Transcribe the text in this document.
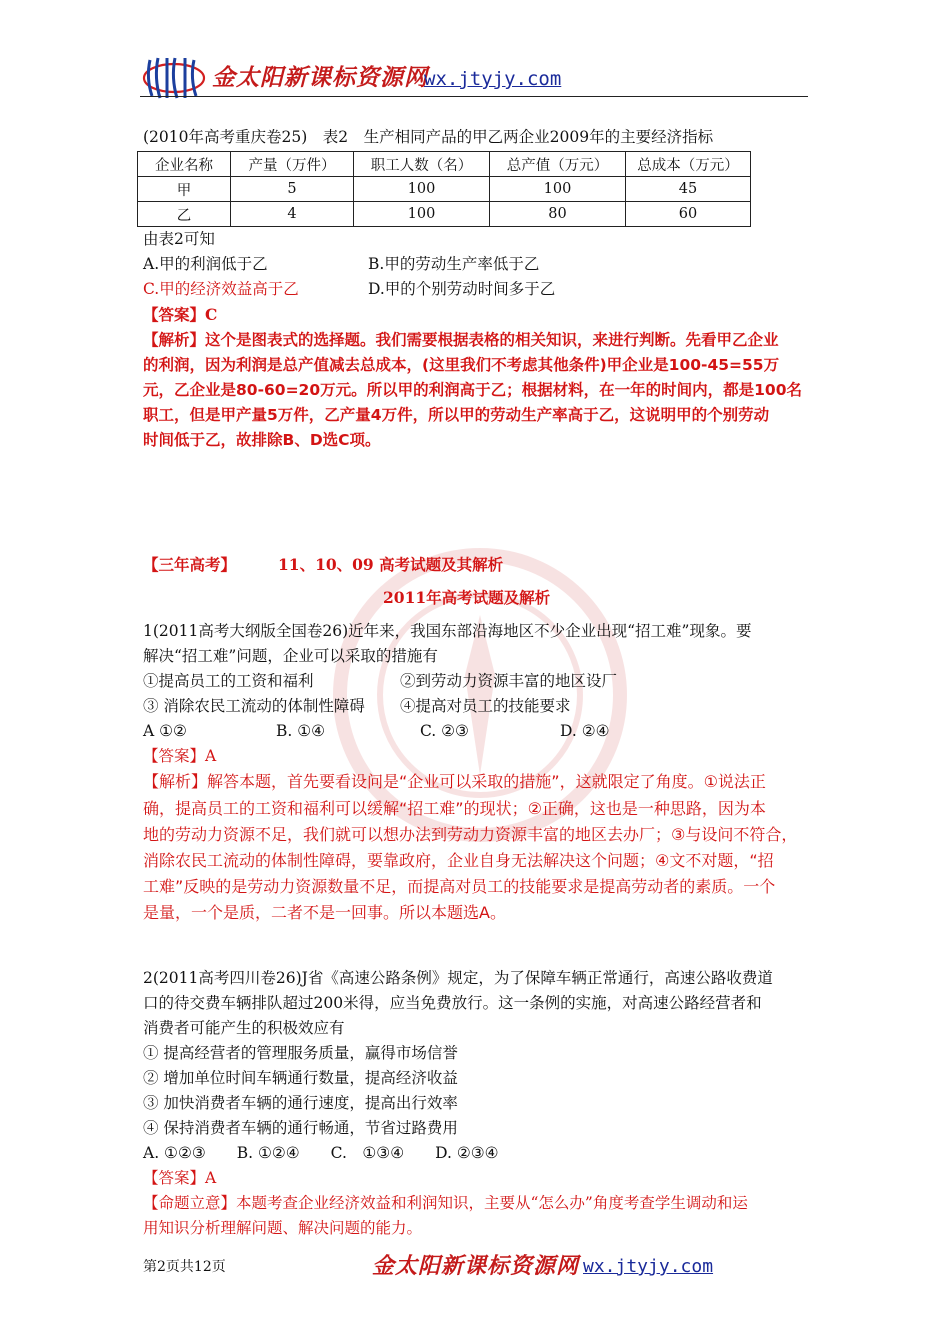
金太阳新课标资源网
wx.jtyjy.com
(2010年高考重庆卷25)　表2　生产相同产品的甲乙两企业2009年的主要经济指标
企业名称	产量（万件）	职工人数（名）	总产值（万元）	总成本（万元）
甲	5	100	100	45
乙	4	100	80	60
由表2可知
A.甲的利润低于乙	B.甲的劳动生产率低于乙
C.甲的经济效益高于乙	D.甲的个别劳动时间多于乙
【答案】C
【解析】这个是图表式的选择题。我们需要根据表格的相关知识，来进行判断。先看甲乙企业
的利润，因为利润是总产值减去总成本，(这里我们不考虑其他条件)甲企业是100-45=55万
元，乙企业是80-60=20万元。所以甲的利润高于乙；根据材料，在一年的时间内，都是100名
职工，但是甲产量5万件，乙产量4万件，所以甲的劳动生产率高于乙，这说明甲的个别劳动
时间低于乙，故排除B、D选C项。
【三年高考】	11、10、09 高考试题及其解析
2011年高考试题及解析
1(2011高考大纲版全国卷26)近年来，我国东部沿海地区不少企业出现“招工难”现象。要
解决“招工难”问题，企业可以采取的措施有
①提高员工的工资和福利	②到劳动力资源丰富的地区设厂
③ 消除农民工流动的体制性障碍 ④提高对员工的技能要求
A ①②	B. ①④	C. ②③	D. ②④
【答案】A
【解析】解答本题，首先要看设问是“企业可以采取的措施”，这就限定了角度。①说法正
确，提高员工的工资和福利可以缓解“招工难”的现状；②正确，这也是一种思路，因为本
地的劳动力资源不足，我们就可以想办法到劳动力资源丰富的地区去办厂；③与设问不符合，
消除农民工流动的体制性障碍，要靠政府，企业自身无法解决这个问题；④文不对题，“招
工难”反映的是劳动力资源数量不足，而提高对员工的技能要求是提高劳动者的素质。一个
是量，一个是质，二者不是一回事。所以本题选A。
2(2011高考四川卷26)J省《高速公路条例》规定，为了保障车辆正常通行，高速公路收费道
口的待交费车辆排队超过200米得，应当免费放行。这一条例的实施，对高速公路经营者和
消费者可能产生的积极效应有
① 提高经营者的管理服务质量，赢得市场信誉
② 增加单位时间车辆通行数量，提高经济收益
③ 加快消费者车辆的通行速度，提高出行效率
④ 保持消费者车辆的通行畅通，节省过路费用
A. ①②③　　B. ①②④　　C.　①③④　　D. ②③④
【答案】A
【命题立意】本题考查企业经济效益和利润知识，主要从“怎么办”角度考查学生调动和运
用知识分析理解问题、解决问题的能力。
第2页共12页	金太阳新课标资源网 wx.jtyjy.com
